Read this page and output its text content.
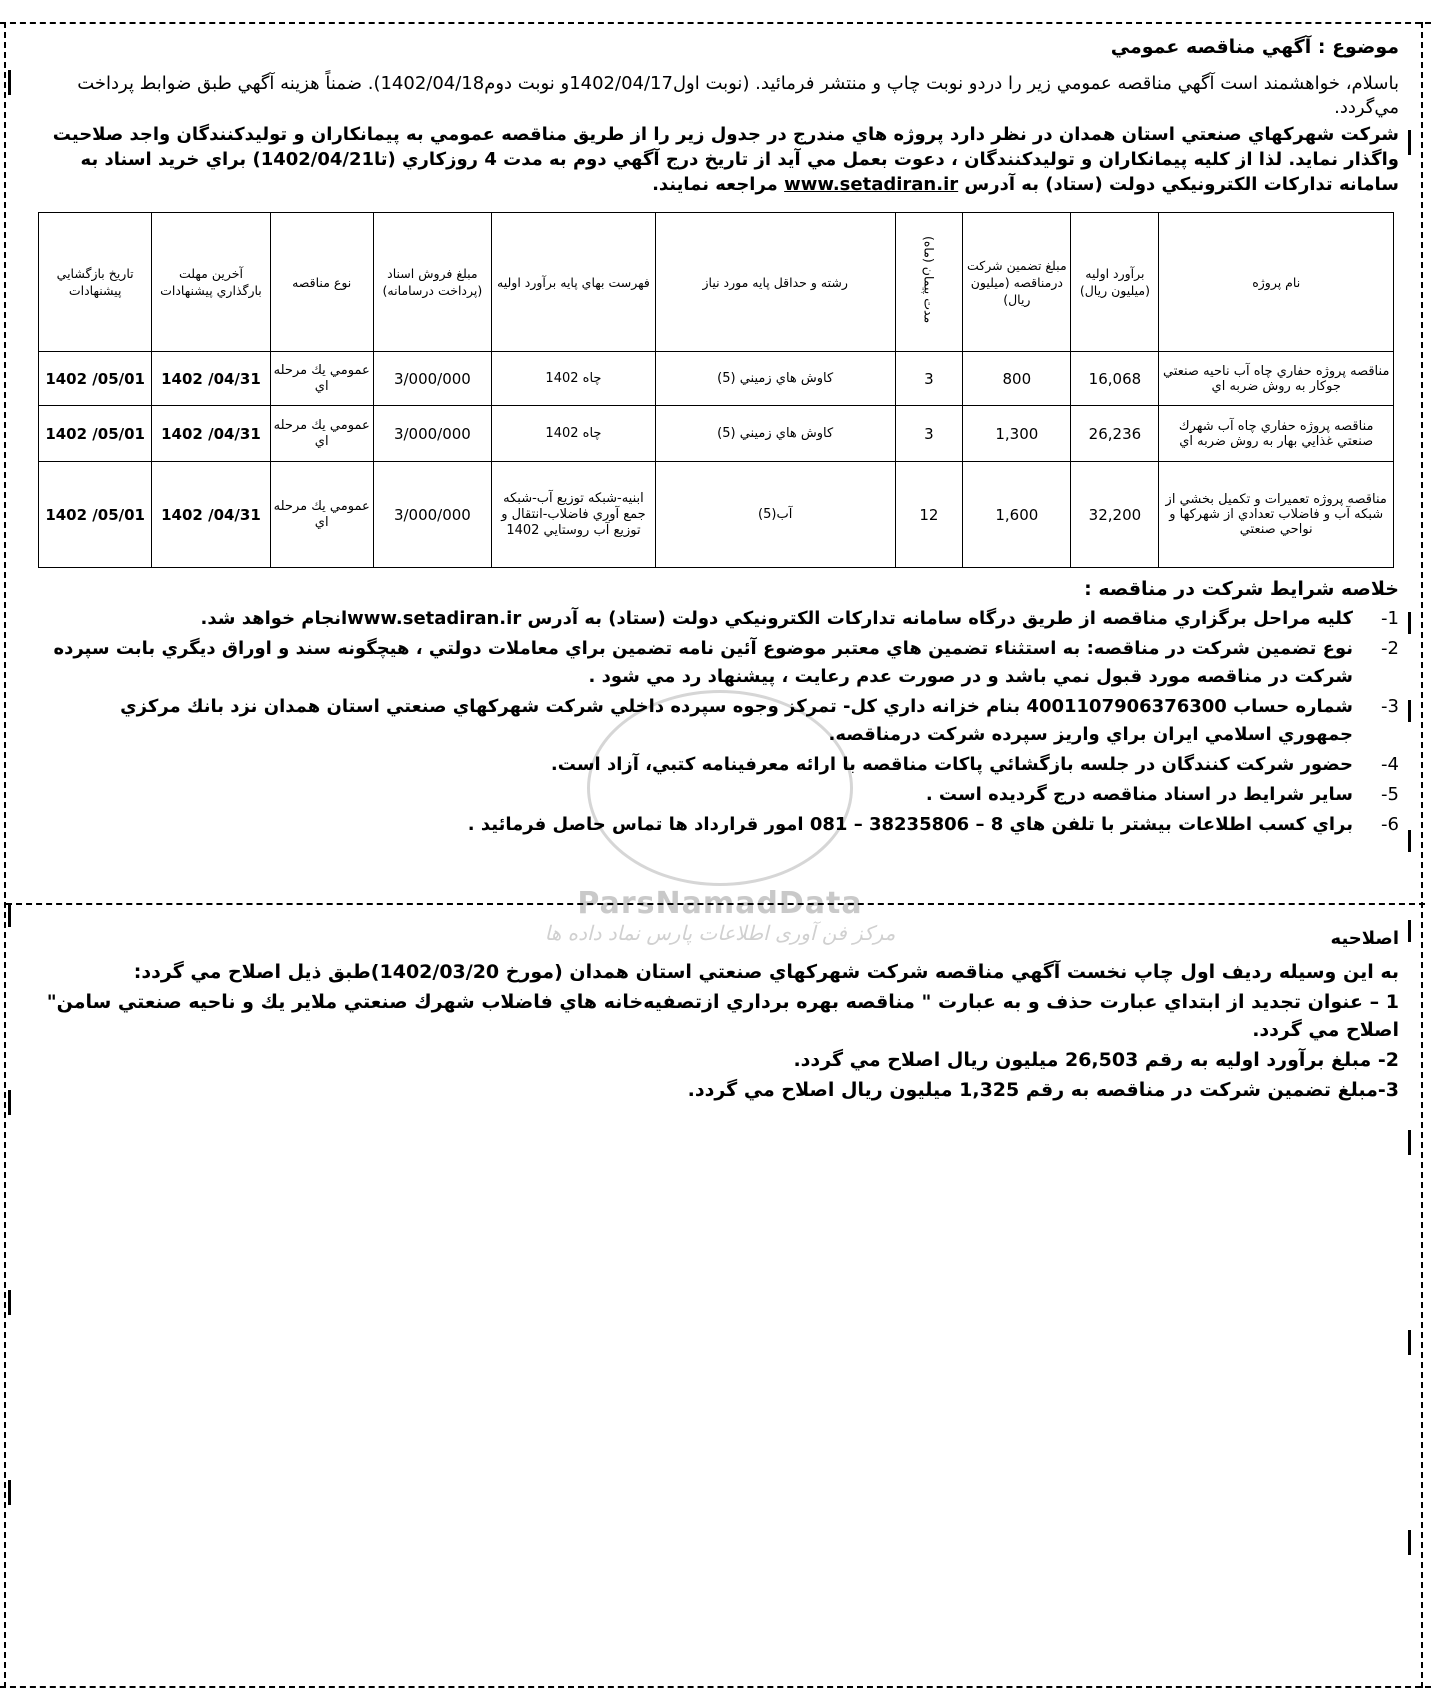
ParsNamadData
مرکز فن آوری اطلاعات پارس نماد داده ها
موضوع : آگهي مناقصه عمومي
باسلام، خواهشمند است آگهي مناقصه عمومي زير را دردو نوبت چاپ و منتشر فرمائيد. (نوبت اول1402/04/17و نوبت دوم1402/04/18). ضمناً هزينه آگهي طبق ضوابط پرداخت مي‌گردد.
شركت شهركهاي صنعتي استان همدان در نظر دارد پروژه هاي مندرج در جدول زير را از طريق مناقصه عمومي به پيمانكاران و توليدكنندگان واجد صلاحيت واگذار نمايد. لذا از كليه پيمانكاران و توليدكنندگان ، دعوت بعمل مي آيد از تاريخ درج آگهي دوم به مدت 4 روزكاري (تا1402/04/21) براي خريد اسناد به سامانه تداركات الكترونيكي دولت (ستاد) به آدرس www.setadiran.ir مراجعه نمايند.
نام پروژه	برآورد اوليه (ميليون ريال)	مبلغ تضمين شركت درمناقصه (ميليون ريال)	مدت پيمان (ماه)	رشته و حداقل پايه مورد نياز	فهرست بهاي پايه برآورد اوليه	مبلغ فروش اسناد (پرداخت درسامانه)	نوع مناقصه	آخرين مهلت بارگذاري پيشنهادات	تاريخ بازگشايي پيشنهادات
مناقصه پروژه حفاري چاه آب ناحيه صنعتي جوكار به روش ضربه اي	16,068	800	3	كاوش هاي زميني (5)	چاه 1402	3/000/000	عمومي يك مرحله اي	04/31/ 1402	05/01/ 1402
مناقصه پروژه حفاري چاه آب شهرك صنعتي غذايي بهار به روش ضربه اي	26,236	1,300	3	كاوش هاي زميني (5)	چاه 1402	3/000/000	عمومي يك مرحله اي	04/31/ 1402	05/01/ 1402
مناقصه پروژه تعميرات و تكميل بخشي از شبكه آب و فاضلاب تعدادي از شهركها و نواحي صنعتي	32,200	1,600	12	آب(5)	ابنيه-شبكه توزيع آب-شبكه جمع آوري فاضلاب-انتقال و توزيع آب روستايي 1402	3/000/000	عمومي يك مرحله اي	04/31/ 1402	05/01/ 1402
خلاصه شرايط شركت در مناقصه :
1-
كليه مراحل برگزاري مناقصه از طريق درگاه سامانه تداركات الكترونيكي دولت (ستاد) به آدرس www.setadiran.irانجام خواهد شد.
2-
نوع تضمين شركت در مناقصه: به استثناء تضمين هاي معتبر موضوع آئين نامه تضمين براي معاملات دولتي ، هيچگونه سند و اوراق ديگري بابت سپرده شركت در مناقصه مورد قبول نمي باشد و در صورت عدم رعايت ، پيشنهاد رد مي شود .
3-
شماره حساب 4001107906376300 بنام خزانه داري كل- تمركز وجوه سپرده داخلي شركت شهركهاي صنعتي استان همدان نزد بانك مركزي جمهوري اسلامي ايران براي واريز سپرده شركت درمناقصه.
4-
حضور شركت كنندگان در جلسه بازگشائي پاكات مناقصه با ارائه معرفينامه كتبي، آزاد است.
5-
ساير شرايط در اسناد مناقصه درج گرديده است .
6-
براي كسب اطلاعات بيشتر با تلفن هاي 8 – 38235806 – 081 امور قرارداد ها تماس حاصل فرمائيد .
اصلاحيه

به اين وسيله رديف اول چاپ نخست آگهي مناقصه شركت شهركهاي صنعتي استان همدان (مورخ 1402/03/20)طبق ذيل اصلاح مي گردد:

1 – عنوان تجديد از ابتداي عبارت حذف و به عبارت " مناقصه بهره برداري ازتصفيه‌خانه هاي فاضلاب شهرك صنعتي ملاير يك و ناحيه صنعتي سامن" اصلاح مي گردد.

2- مبلغ برآورد اوليه به رقم 26,503 ميليون ريال اصلاح مي گردد.

3-مبلغ تضمين شركت در مناقصه به رقم 1,325 ميليون ريال اصلاح مي گردد.
